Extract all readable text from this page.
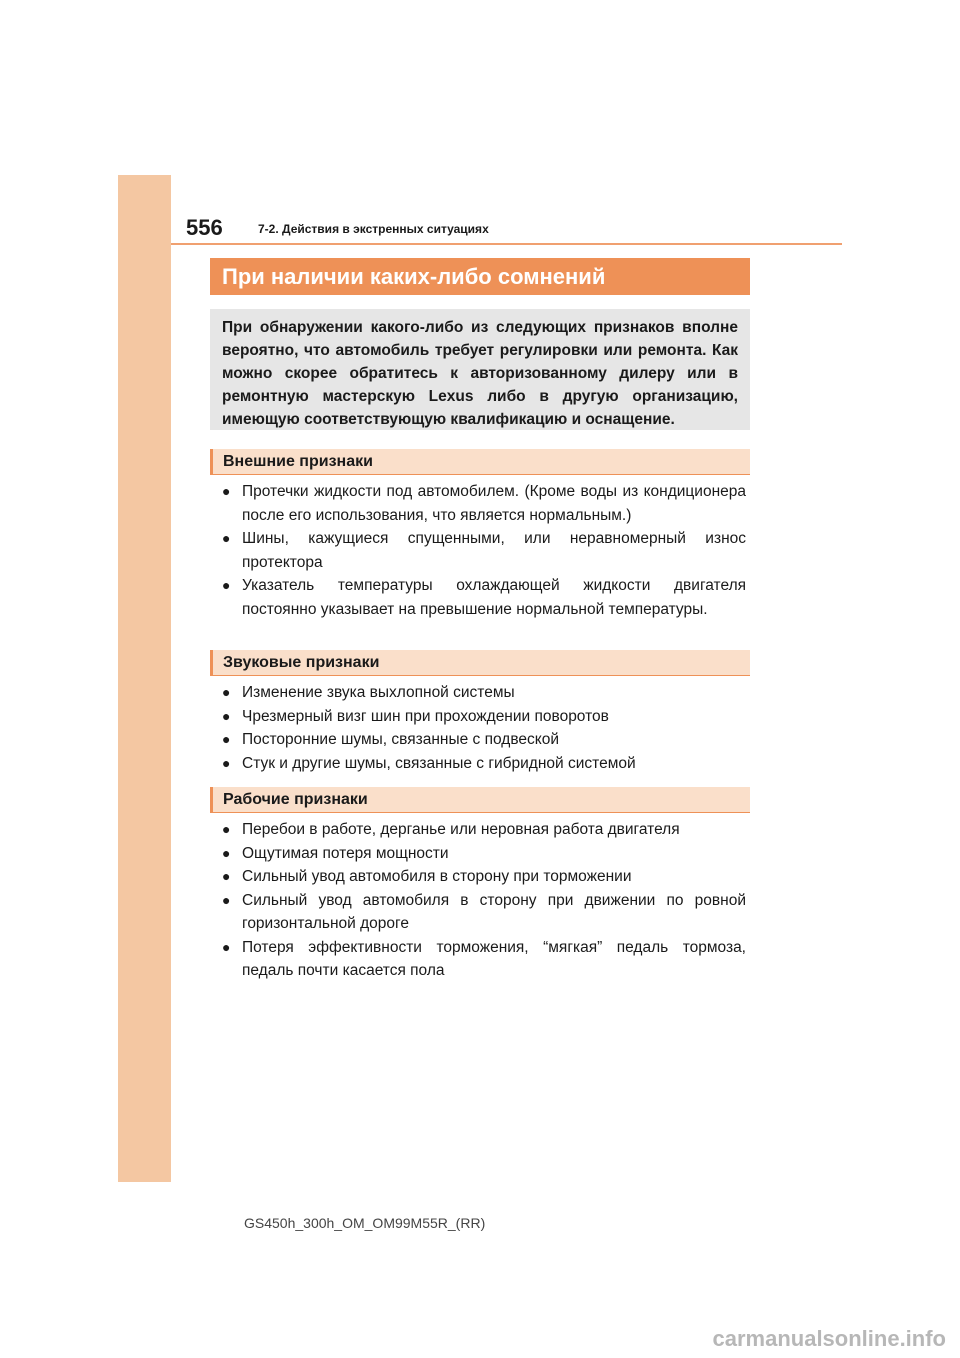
556	7-2. Действия в экстренных ситуациях
При наличии каких-либо сомнений
При обнаружении какого-либо из следующих признаков вполне вероятно, что автомобиль требует регулировки или ремонта. Как можно скорее обратитесь к авторизованному дилеру или в ремонтную мастерскую Lexus либо в другую организацию, имеющую соответствующую квалификацию и оснащение.
Внешние признаки
● Протечки жидкости под автомобилем. (Кроме воды из кондиционера после его использования, что является нормальным.)
● Шины, кажущиеся спущенными, или неравномерный износ протектора
● Указатель температуры охлаждающей жидкости двигателя постоянно указывает на превышение нормальной температуры.
Звуковые признаки
● Изменение звука выхлопной системы
● Чрезмерный визг шин при прохождении поворотов
● Посторонние шумы, связанные с подвеской
● Стук и другие шумы, связанные с гибридной системой
Рабочие признаки
● Перебои в работе, дерганье или неровная работа двигателя
● Ощутимая потеря мощности
● Сильный увод автомобиля в сторону при торможении
● Сильный увод автомобиля в сторону при движении по ровной горизонтальной дороге
● Потеря эффективности торможения, “мягкая” педаль тормоза, педаль почти касается пола
GS450h_300h_OM_OM99M55R_(RR)
carmanualsonline.info
